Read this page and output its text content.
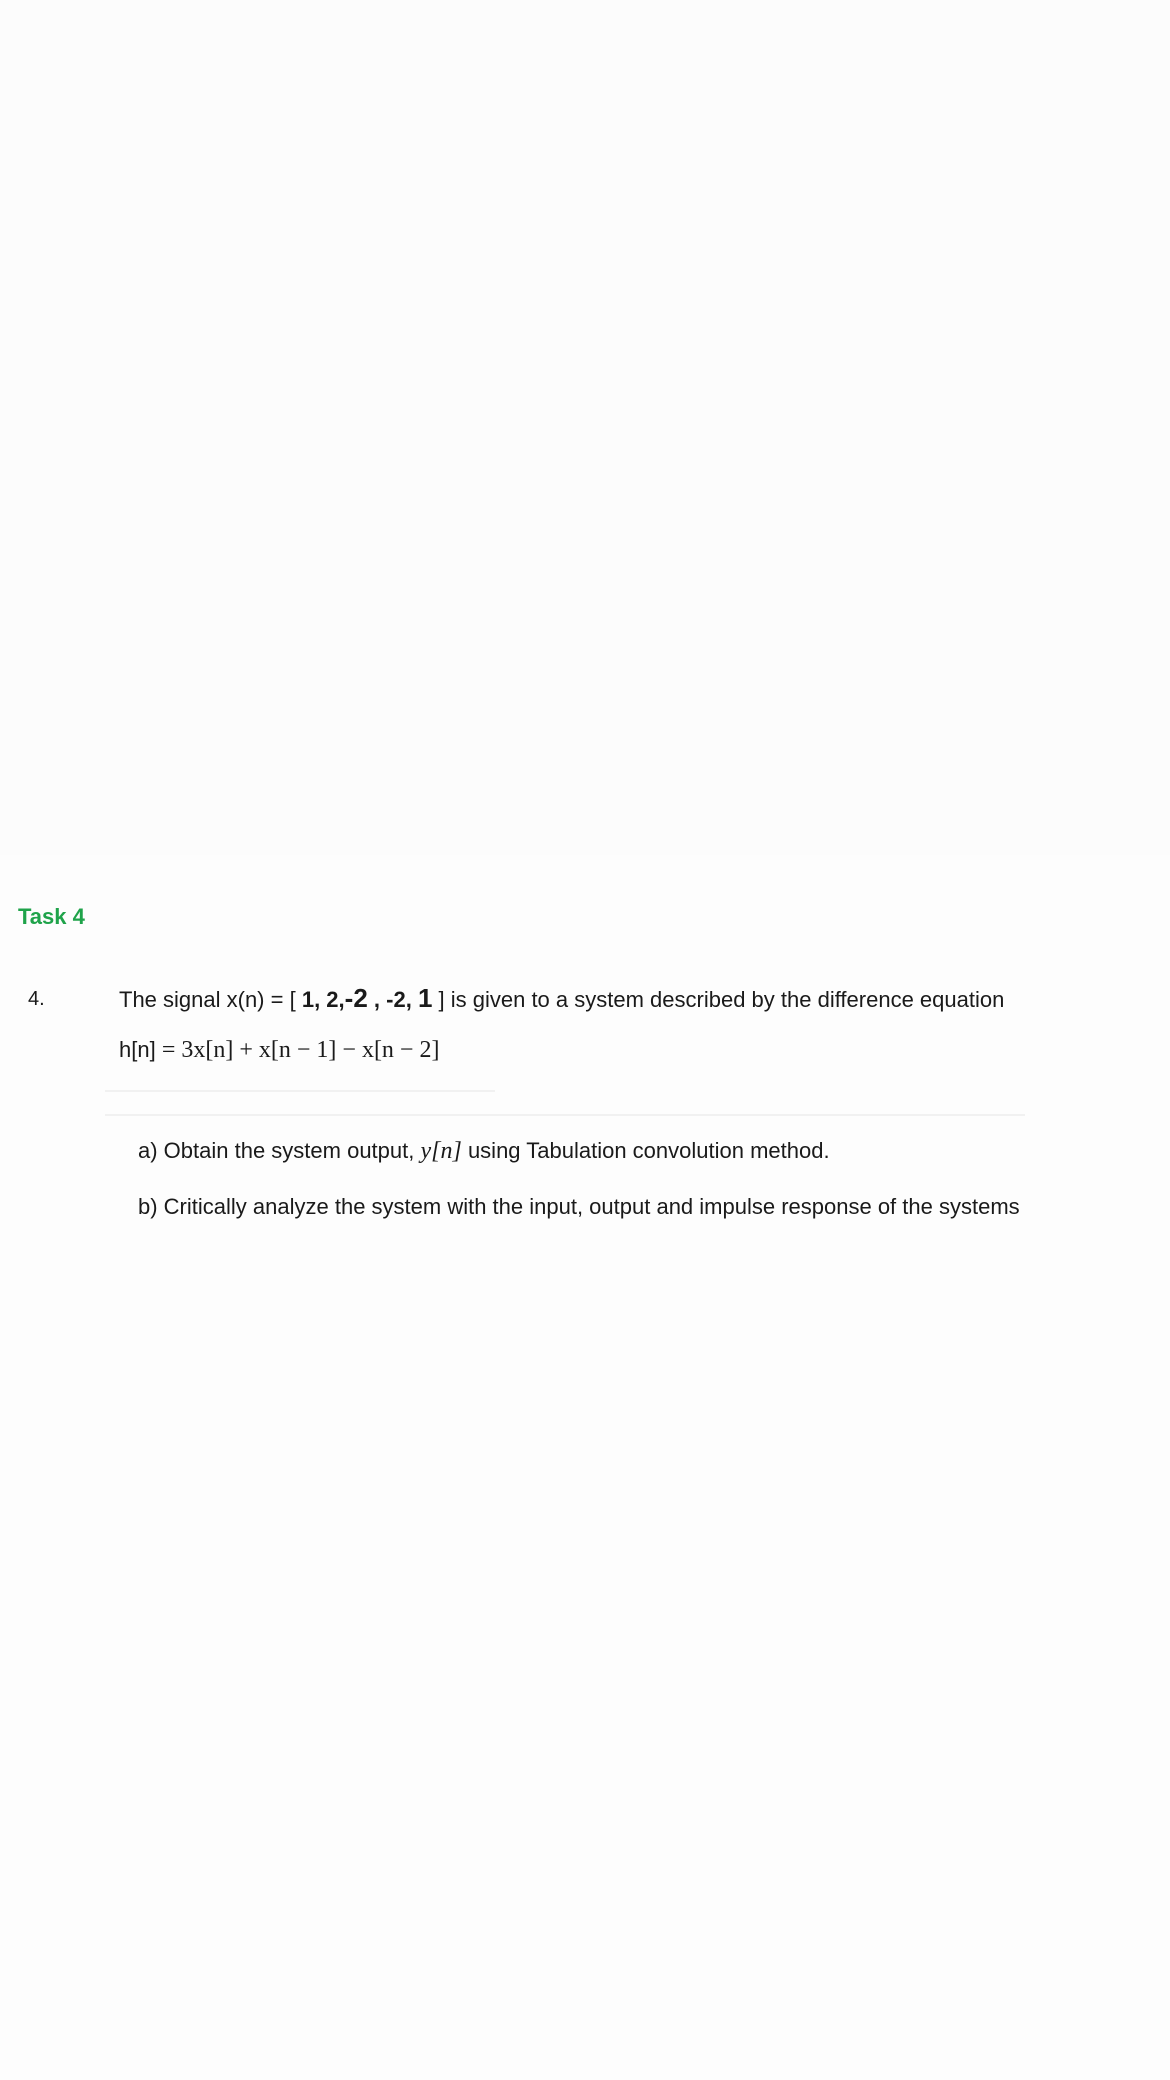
Task 4
4.	The signal x(n) = [ 1, 2,-2 , -2, 1 ] is given to a system described by the difference equation
h[n] = 3x[n] + x[n − 1] − x[n − 2]
a) Obtain the system output, y[n] using Tabulation convolution method.
b) Critically analyze the system with the input, output and impulse response of the systems
